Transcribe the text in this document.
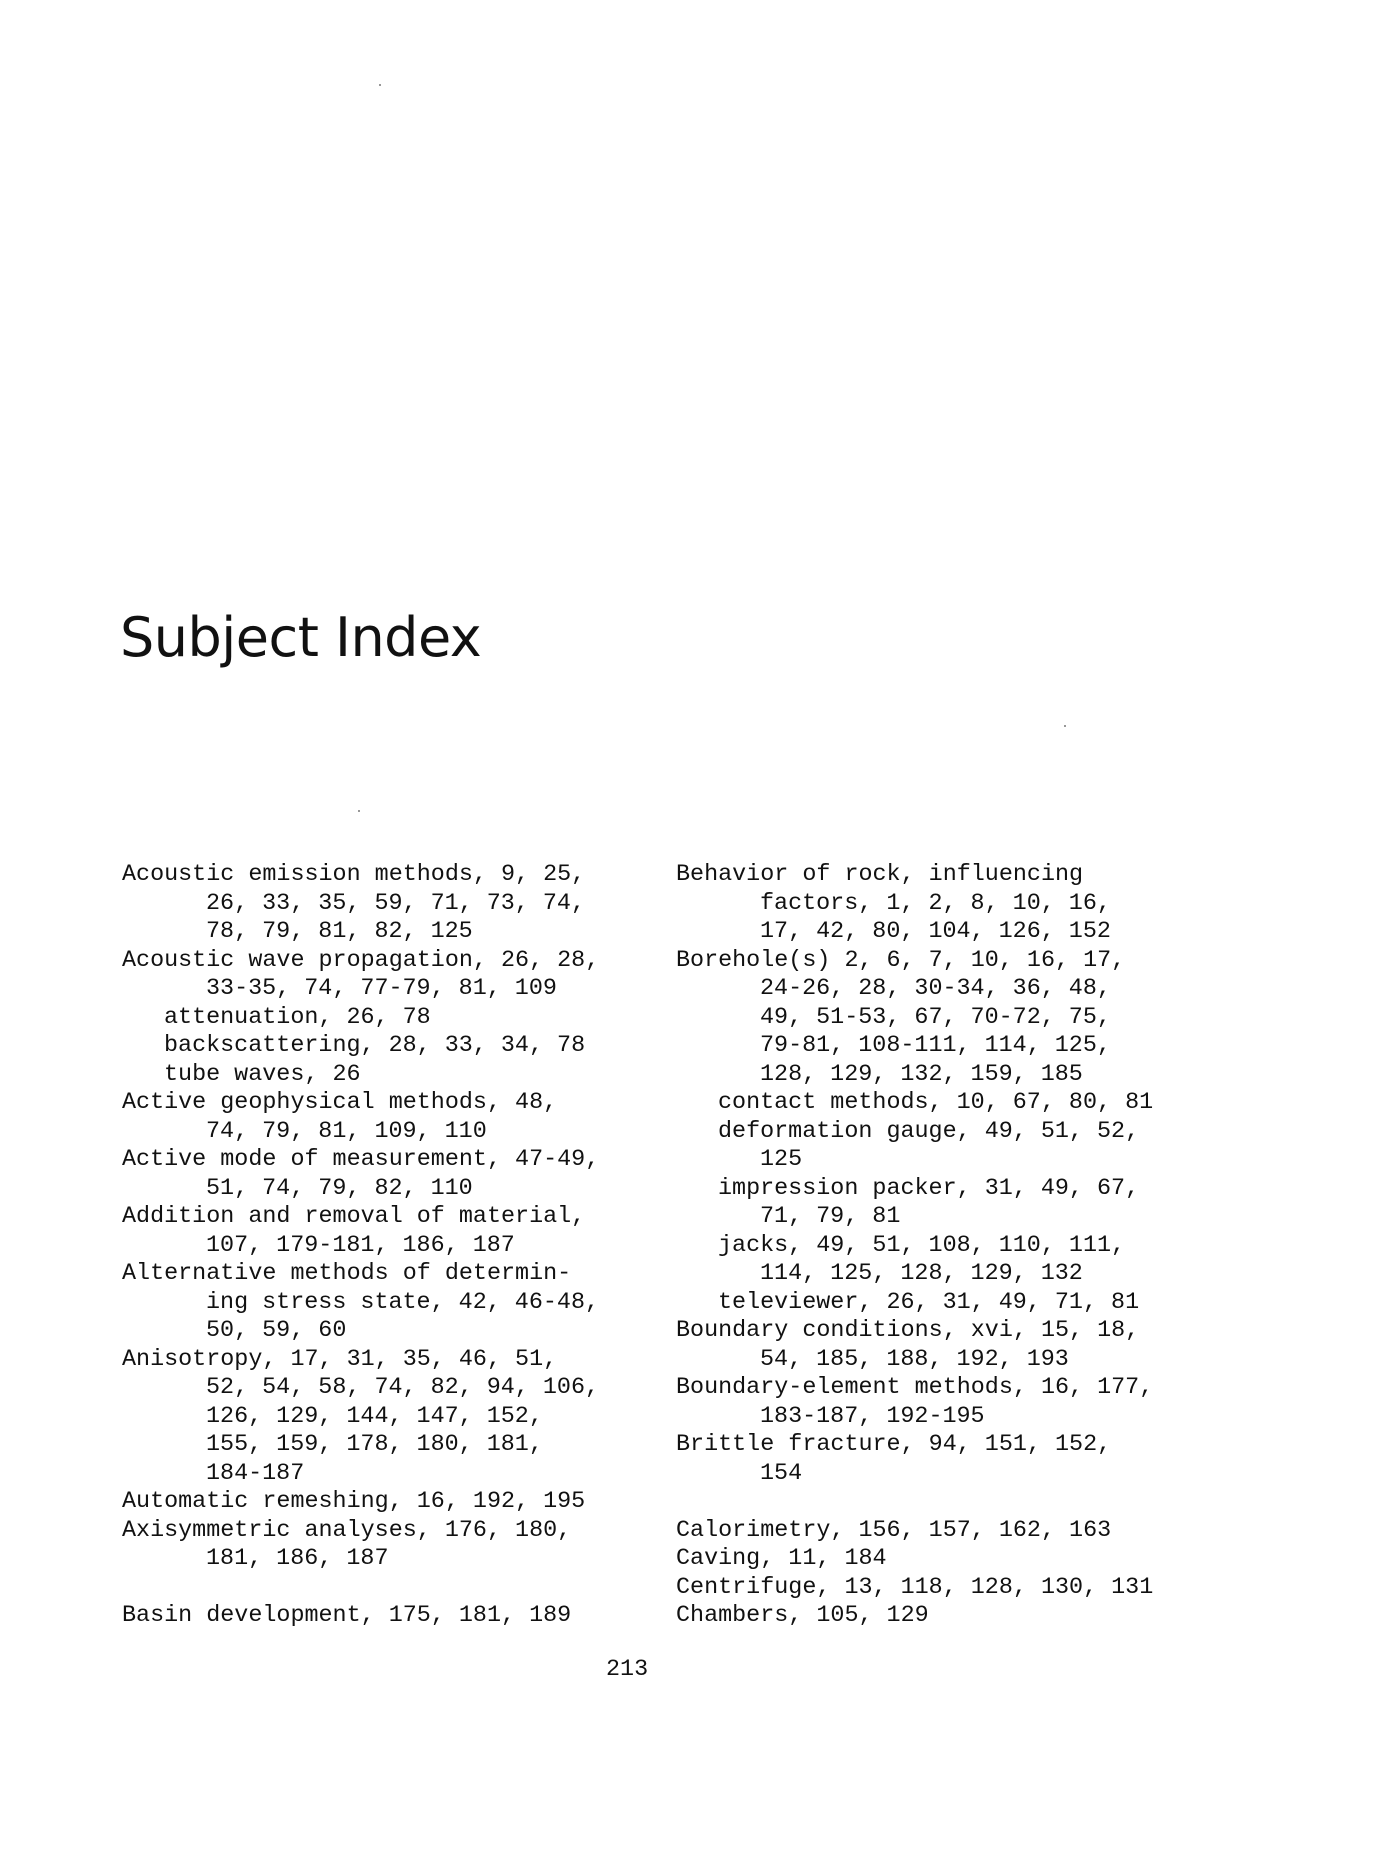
Subject Index
Acoustic emission methods, 9, 25,
26, 33, 35, 59, 71, 73, 74,
78, 79, 81, 82, 125
Acoustic wave propagation, 26, 28,
33-35, 74, 77-79, 81, 109
attenuation, 26, 78
backscattering, 28, 33, 34, 78
tube waves, 26
Active geophysical methods, 48,
74, 79, 81, 109, 110
Active mode of measurement, 47-49,
51, 74, 79, 82, 110
Addition and removal of material,
107, 179-181, 186, 187
Alternative methods of determin-
ing stress state, 42, 46-48,
50, 59, 60
Anisotropy, 17, 31, 35, 46, 51,
52, 54, 58, 74, 82, 94, 106,
126, 129, 144, 147, 152,
155, 159, 178, 180, 181,
184-187
Automatic remeshing, 16, 192, 195
Axisymmetric analyses, 176, 180,
181, 186, 187
Basin development, 175, 181, 189
Behavior of rock, influencing
factors, 1, 2, 8, 10, 16,
17, 42, 80, 104, 126, 152
Borehole(s) 2, 6, 7, 10, 16, 17,
24-26, 28, 30-34, 36, 48,
49, 51-53, 67, 70-72, 75,
79-81, 108-111, 114, 125,
128, 129, 132, 159, 185
contact methods, 10, 67, 80, 81
deformation gauge, 49, 51, 52,
125
impression packer, 31, 49, 67,
71, 79, 81
jacks, 49, 51, 108, 110, 111,
114, 125, 128, 129, 132
televiewer, 26, 31, 49, 71, 81
Boundary conditions, xvi, 15, 18,
54, 185, 188, 192, 193
Boundary-element methods, 16, 177,
183-187, 192-195
Brittle fracture, 94, 151, 152,
154
Calorimetry, 156, 157, 162, 163
Caving, 11, 184
Centrifuge, 13, 118, 128, 130, 131
Chambers, 105, 129
213
